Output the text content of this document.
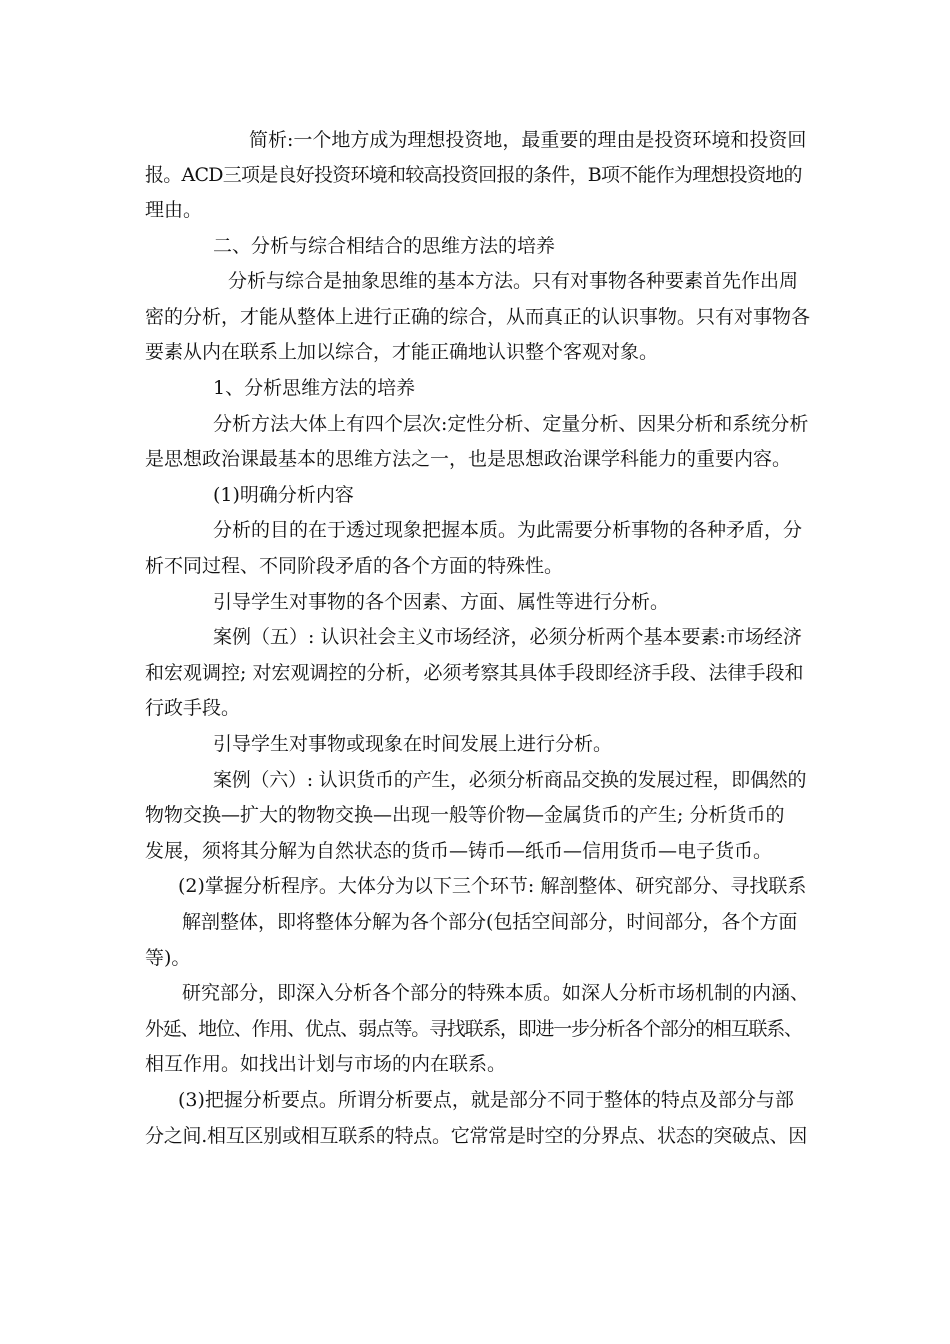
简析:一个地方成为理想投资地，最重要的理由是投资环境和投资回

报。ACD三项是良好投资环境和较高投资回报的条件，B项不能作为理想投资地的

理由。

二、分析与综合相结合的思维方法的培养

分析与综合是抽象思维的基本方法。只有对事物各种要素首先作出周

密的分析，才能从整体上进行正确的综合，从而真正的认识事物。只有对事物各

要素从内在联系上加以综合，才能正确地认识整个客观对象。

1、分析思维方法的培养

分析方法大体上有四个层次:定性分析、定量分析、因果分析和系统分析

是思想政治课最基本的思维方法之一，也是思想政治课学科能力的重要内容。

(1)明确分析内容

分析的目的在于透过现象把握本质。为此需要分析事物的各种矛盾，分

析不同过程、不同阶段矛盾的各个方面的特殊性。

引导学生对事物的各个因素、方面、属性等进行分析。

案例（五）: 认识社会主义市场经济，必须分析两个基本要素:市场经济

和宏观调控; 对宏观调控的分析，必须考察其具体手段即经济手段、法律手段和

行政手段。

引导学生对事物或现象在时间发展上进行分析。

案例（六）: 认识货币的产生，必须分析商品交换的发展过程，即偶然的

物物交换—扩大的物物交换—出现一般等价物—金属货币的产生; 分析货币的

发展，须将其分解为自然状态的货币—铸币—纸币—信用货币—电子货币。

(2)掌握分析程序。大体分为以下三个环节: 解剖整体、研究部分、寻找联系

解剖整体，即将整体分解为各个部分(包括空间部分，时间部分，各个方面

等)。

研究部分，即深入分析各个部分的特殊本质。如深人分析市场机制的内涵、

外延、地位、作用、优点、弱点等。寻找联系，即进一步分析各个部分的相互联系、

相互作用。如找出计划与市场的内在联系。

(3)把握分析要点。所谓分析要点，就是部分不同于整体的特点及部分与部

分之间.相互区别或相互联系的特点。它常常是时空的分界点、状态的突破点、因
